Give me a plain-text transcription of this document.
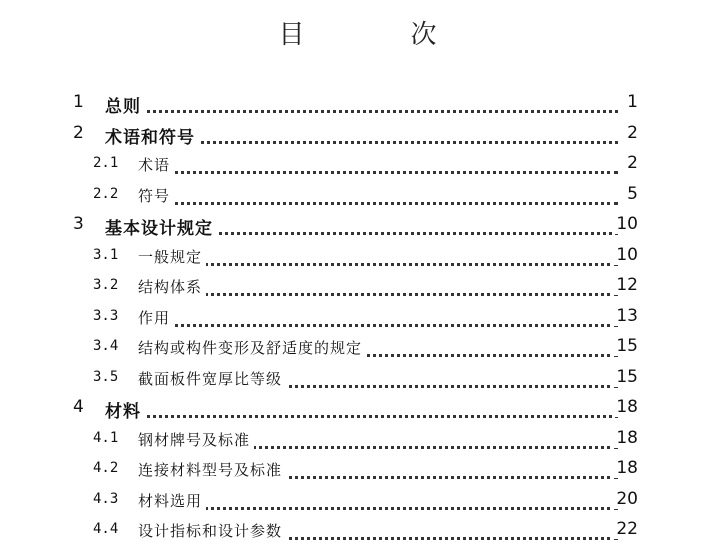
目　次
1 总则	1
2 术语和符号	2
2.1 术语	2
2.2 符号	5
3 基本设计规定	10
3.1 一般规定	10
3.2 结构体系	12
3.3 作用	13
3.4 结构或构件变形及舒适度的规定	15
3.5 截面板件宽厚比等级	15
4 材料	18
4.1 钢材牌号及标准	18
4.2 连接材料型号及标准	18
4.3 材料选用	20
4.4 设计指标和设计参数	22
